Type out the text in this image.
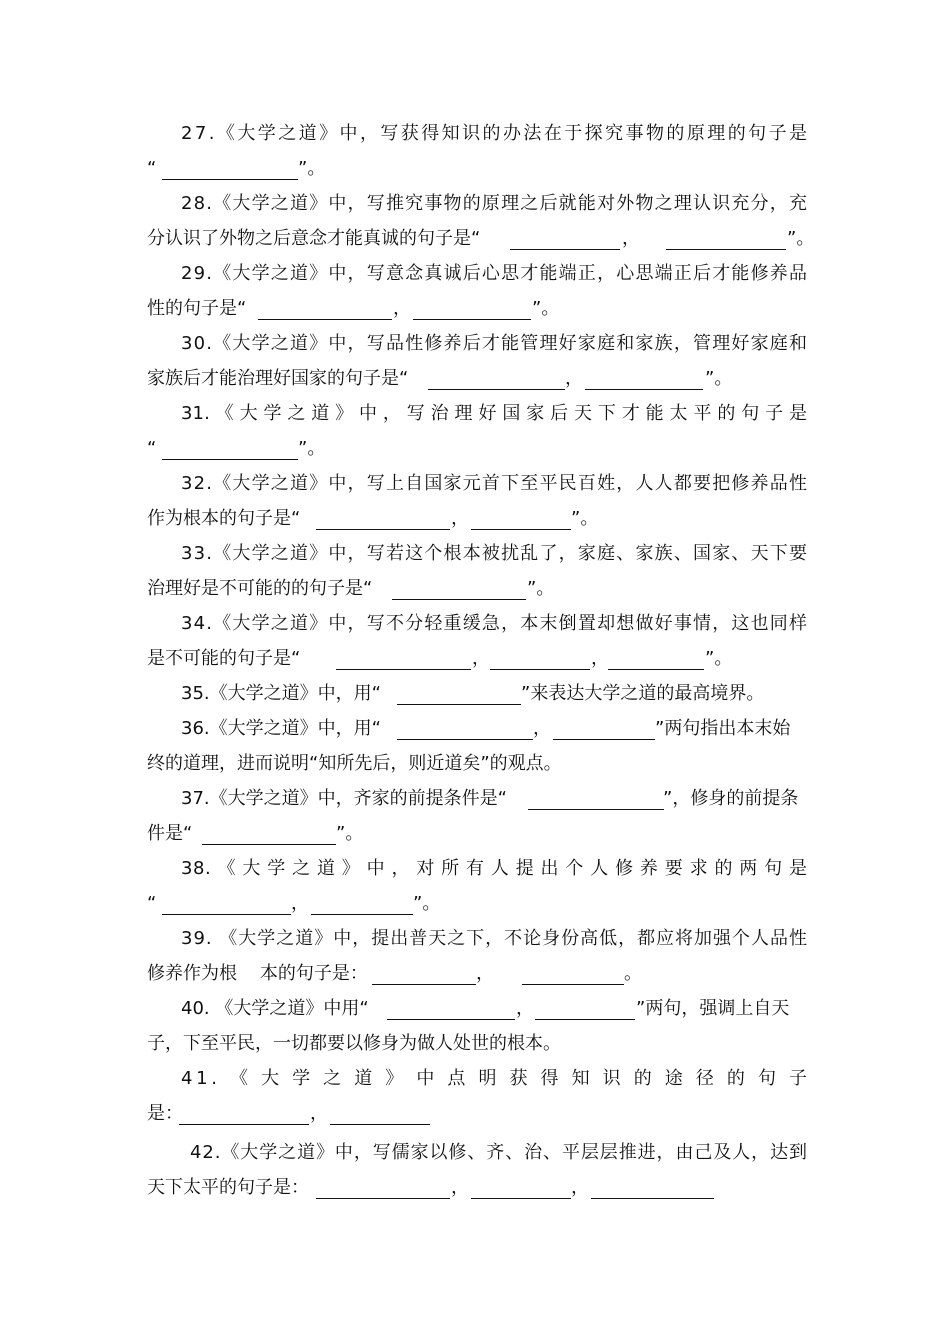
27.《大学之道》中，写获得知识的办法在于探究事物的原理的句子是
“	”。
28.《大学之道》中，写推究事物的原理之后就能对外物之理认识充分，充
分认识了外物之后意念才能真诚的句子是“	，	”。
29.《大学之道》中，写意念真诚后心思才能端正，心思端正后才能修养品
性的句子是“	，	”。
30.《大学之道》中，写品性修养后才能管理好家庭和家族，管理好家庭和
家族后才能治理好国家的句子是“	，	”。
31. 《 大 学 之 道 》 中 ， 写 治 理 好 国 家 后 天 下 才 能 太 平 的 句 子 是
“	”。
32.《大学之道》中，写上自国家元首下至平民百姓，人人都要把修养品性
作为根本的句子是“	，	”。
33.《大学之道》中，写若这个根本被扰乱了，家庭、家族、国家、天下要
治理好是不可能的的句子是“	”。
34.《大学之道》中，写不分轻重缓急，本末倒置却想做好事情，这也同样
是不可能的句子是“	，	，	”。
35.《大学之道》中，用“	”来表达大学之道的最高境界。
36.《大学之道》中，用“	，	”两句指出本末始
终的道理，进而说明“知所先后，则近道矣”的观点。
37.《大学之道》中，齐家的前提条件是“	”，修身的前提条
件是“	”。
38. 《 大 学 之 道 》 中 ， 对 所 有 人 提 出 个 人 修 养 要 求 的 两 句 是
“	，	”。
39. 《大学之道》中，提出普天之下，不论身份高低，都应将加强个人品性
修养作为根    本的句子是：	，	。
40. 《大学之道》中用“	，	”两句，强调上自天
子，下至平民，一切都要以修身为做人处世的根本。
41. 《 大 学 之 道 》 中 点 明 获 得 知 识 的 途 径 的 句 子
是：	，
42.《大学之道》中，写儒家以修、齐、治、平层层推进，由己及人，达到
天下太平的句子是：	，	，
